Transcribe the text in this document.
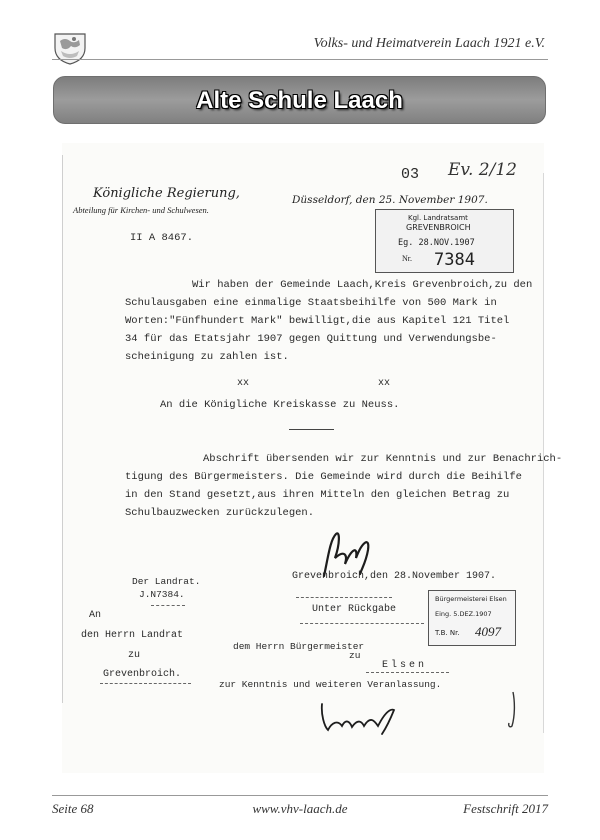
Volks- und Heimatverein Laach 1921 e.V.
Alte Schule Laach
03 Ev. 2/12
Königliche Regierung,
Abteilung für Kirchen- und Schulwesen.
Düsseldorf, den 25. November 1907.
II A 8467.
Kgl. Landratsamt
GREVENBROICH
Eg. 28.NOV.1907
Nr. 7384
Wir haben der Gemeinde Laach,Kreis Grevenbroich,zu den
Schulausgaben eine einmalige Staatsbeihilfe von 500 Mark in
Worten:"Fünfhundert Mark" bewilligt,die aus Kapitel 121 Titel
34 für das Etatsjahr 1907 gegen Quittung und Verwendungsbe-
scheinigung zu zahlen ist.
xx	xx
An die Königliche Kreiskasse zu Neuss.
Abschrift übersenden wir zur Kenntnis und zur Benachrich-
tigung des Bürgermeisters. Die Gemeinde wird durch die Beihilfe
in den Stand gesetzt,aus ihren Mitteln den gleichen Betrag zu
Schulbauzwecken zurückzulegen.
Der Landrat.
J.N7384.
Grevenbroich,den 28.November 1907.
Unter Rückgabe
Bürgermeisterei Elsen
Eing. 5.DEZ.1907
T.B. Nr. 4097
An
den Herrn Landrat
zu
Grevenbroich.
dem Herrn Bürgermeister
zu
Elsen
zur Kenntnis und weiteren Veranlassung.
Seite 68	www.vhv-laach.de	Festschrift 2017
